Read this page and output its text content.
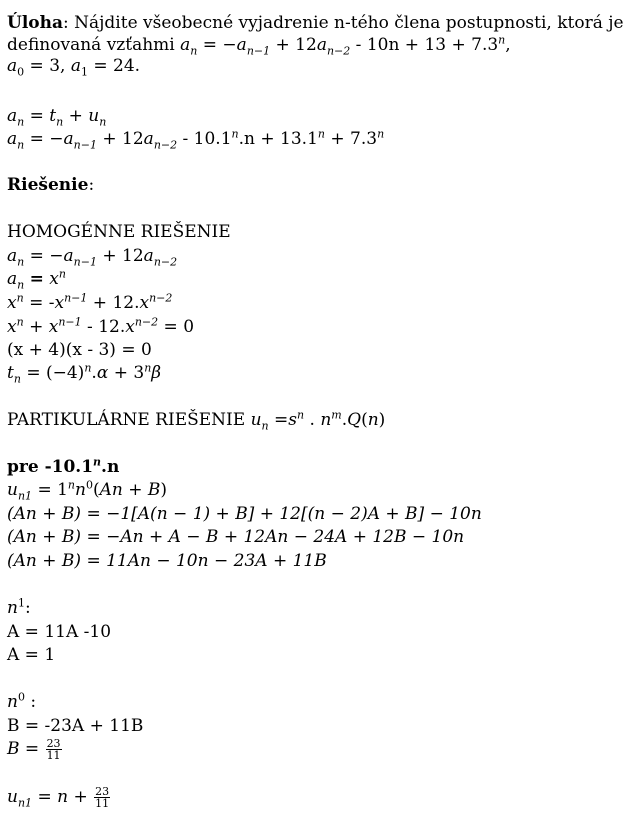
Úloha: Nájdite všeobecné vyjadrenie n-tého člena postupnosti, ktorá je
definovaná vzťahmi $a_n = -a_{n-1} + 12a_{n-2} - 10n + 13 + 7.3^n$,
$a_0 = 3$, $a_1 = 24$.
$a_n = t_n + u_n$
$a_n = -a_{n-1} + 12a_{n-2} - 10.1^n.n + 13.1^n + 7.3^n$
Riešenie:
HOMOGÉNNE RIEŠENIE
$a_n = -a_{n-1} + 12a_{n-2}$
$a_n = x^n$
$x^n = -x^{n-1} + 12.x^{n-2}$
$x^n + x^{n-1} - 12.x^{n-2} = 0$
(x + 4)(x - 3) = 0
$t_n = (-4)^n.\alpha + 3^n\beta$
PARTIKULÁRNE RIEŠENIE $u_n =s^n$ . $n^m.Q(n)$
pre -10.1$^n$.n
$u_{n1} = 1^nn^0(An + B)$
(An + B) = −1[A(n − 1) + B] + 12[(n − 2)A + B] − 10n
(An + B) = −An + A − B + 12An − 24A + 12B − 10n
(An + B) = 11An − 10n − 23A + 11B
$n^1$:
A = 11A -10
A = 1
$n^0$ :
B = -23A + 11B
$B = \frac{23}{11}$
$u_{n1} = n + \frac{23}{11}$
